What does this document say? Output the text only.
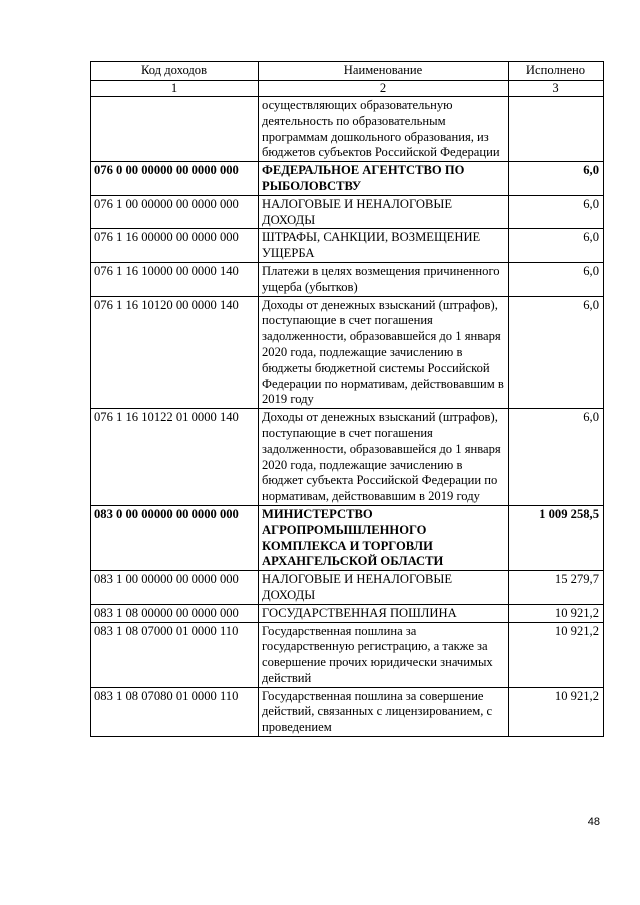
Код доходов	Наименование	Исполнено
1	2	3
	осуществляющих образовательную деятельность по образовательным программам дошкольного образования, из бюджетов субъектов Российской Федерации	
076 0 00 00000 00 0000 000	ФЕДЕРАЛЬНОЕ АГЕНТСТВО ПО РЫБОЛОВСТВУ	6,0
076 1 00 00000 00 0000 000	НАЛОГОВЫЕ И НЕНАЛОГОВЫЕ ДОХОДЫ	6,0
076 1 16 00000 00 0000 000	ШТРАФЫ, САНКЦИИ, ВОЗМЕЩЕНИЕ УЩЕРБА	6,0
076 1 16 10000 00 0000 140	Платежи в целях возмещения причиненного ущерба (убытков)	6,0
076 1 16 10120 00 0000 140	Доходы от денежных взысканий (штрафов), поступающие в счет погашения задолженности, образовавшейся до 1 января 2020 года, подлежащие зачислению в бюджеты бюджетной системы Российской Федерации по нормативам, действовавшим в 2019 году	6,0
076 1 16 10122 01 0000 140	Доходы от денежных взысканий (штрафов), поступающие в счет погашения задолженности, образовавшейся до 1 января 2020 года, подлежащие зачислению в бюджет субъекта Российской Федерации по нормативам, действовавшим в 2019 году	6,0
083 0 00 00000 00 0000 000	МИНИСТЕРСТВО АГРОПРОМЫШЛЕННОГО КОМПЛЕКСА И ТОРГОВЛИ АРХАНГЕЛЬСКОЙ ОБЛАСТИ	1 009 258,5
083 1 00 00000 00 0000 000	НАЛОГОВЫЕ И НЕНАЛОГОВЫЕ ДОХОДЫ	15 279,7
083 1 08 00000 00 0000 000	ГОСУДАРСТВЕННАЯ ПОШЛИНА	10 921,2
083 1 08 07000 01 0000 110	Государственная пошлина за государственную регистрацию, а также за совершение прочих юридически значимых действий	10 921,2
083 1 08 07080 01 0000 110	Государственная пошлина за совершение действий, связанных с лицензированием, с проведением	10 921,2
48
